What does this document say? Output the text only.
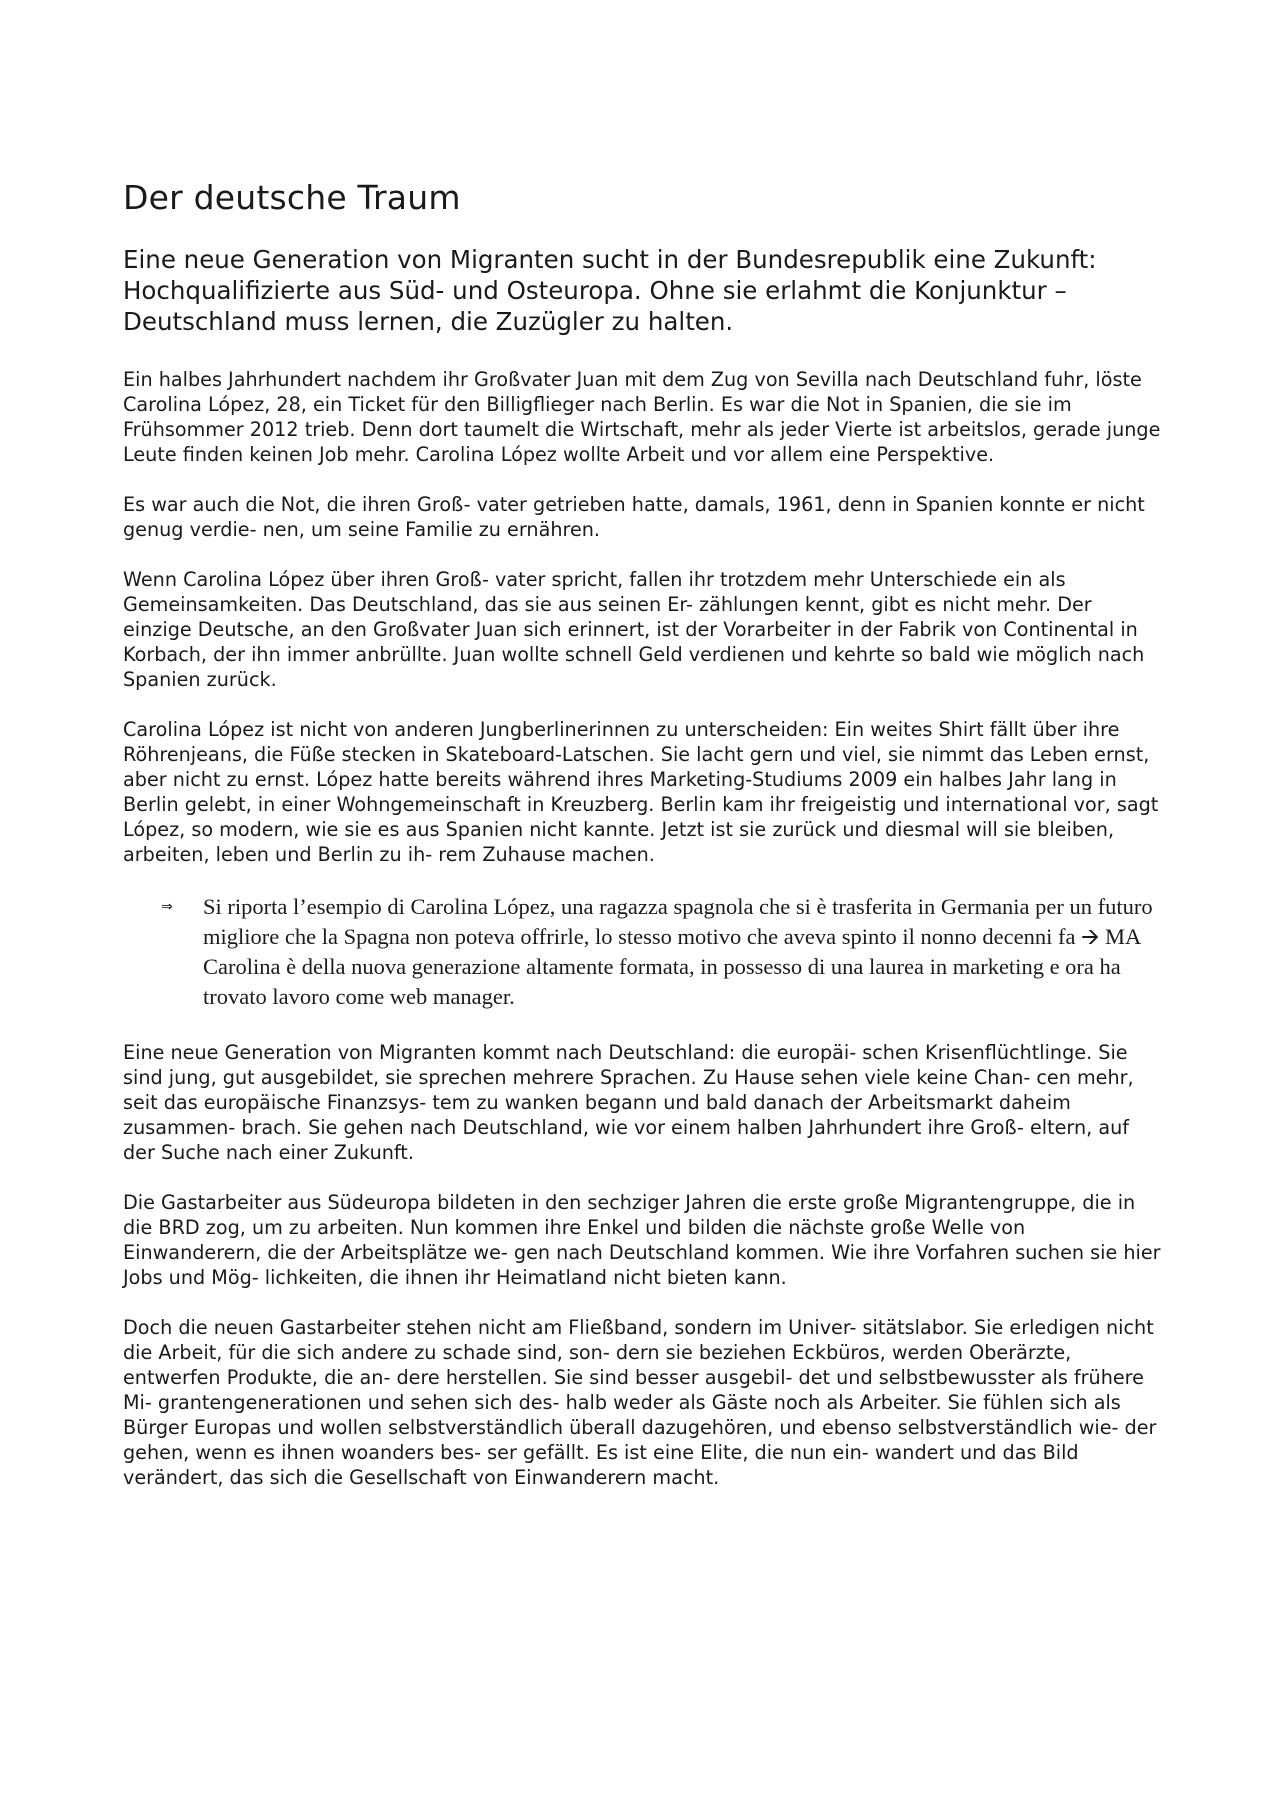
Der deutsche Traum

Eine neue Generation von Migranten sucht in der Bundesrepublik eine Zukunft: Hochqualifizierte aus Süd- und Osteuropa. Ohne sie erlahmt die Konjunktur – Deutschland muss lernen, die Zuzügler zu halten.

Ein halbes Jahrhundert nachdem ihr Großvater Juan mit dem Zug von Sevilla nach Deutschland fuhr, löste Carolina López, 28, ein Ticket für den Billigflieger nach Berlin. Es war die Not in Spanien, die sie im Frühsommer 2012 trieb. Denn dort taumelt die Wirtschaft, mehr als jeder Vierte ist arbeitslos, gerade junge Leute finden keinen Job mehr. Carolina López wollte Arbeit und vor allem eine Perspektive.

Es war auch die Not, die ihren Groß- vater getrieben hatte, damals, 1961, denn in Spanien konnte er nicht genug verdie- nen, um seine Familie zu ernähren.

Wenn Carolina López über ihren Groß- vater spricht, fallen ihr trotzdem mehr Unterschiede ein als Gemeinsamkeiten. Das Deutschland, das sie aus seinen Er- zählungen kennt, gibt es nicht mehr. Der einzige Deutsche, an den Großvater Juan sich erinnert, ist der Vorarbeiter in der Fabrik von Continental in Korbach, der ihn immer anbrüllte. Juan wollte schnell Geld verdienen und kehrte so bald wie möglich nach Spanien zurück.

Carolina López ist nicht von anderen Jungberlinerinnen zu unterscheiden: Ein weites Shirt fällt über ihre Röhrenjeans, die Füße stecken in Skateboard-Latschen. Sie lacht gern und viel, sie nimmt das Leben ernst, aber nicht zu ernst. López hatte bereits während ihres Marketing-Studiums 2009 ein halbes Jahr lang in Berlin gelebt, in einer Wohngemeinschaft in Kreuzberg. Berlin kam ihr freigeistig und international vor, sagt López, so modern, wie sie es aus Spanien nicht kannte. Jetzt ist sie zurück und diesmal will sie bleiben, arbeiten, leben und Berlin zu ih- rem Zuhause machen.

⇒	Si riporta l’esempio di Carolina López, una ragazza spagnola che si è trasferita in Germania per un futuro migliore che la Spagna non poteva offrirle, lo stesso motivo che aveva spinto il nonno decenni fa 🡪 MA Carolina è della nuova generazione altamente formata, in possesso di una laurea in marketing e ora ha trovato lavoro come web manager.

Eine neue Generation von Migranten kommt nach Deutschland: die europäi- schen Krisenflüchtlinge. Sie sind jung, gut ausgebildet, sie sprechen mehrere Sprachen. Zu Hause sehen viele keine Chan- cen mehr, seit das europäische Finanzsys- tem zu wanken begann und bald danach der Arbeitsmarkt daheim zusammen- brach. Sie gehen nach Deutschland, wie vor einem halben Jahrhundert ihre Groß- eltern, auf der Suche nach einer Zukunft.

Die Gastarbeiter aus Südeuropa bildeten in den sechziger Jahren die erste große Migrantengruppe, die in die BRD zog, um zu arbeiten. Nun kommen ihre Enkel und bilden die nächste große Welle von Einwanderern, die der Arbeitsplätze we- gen nach Deutschland kommen. Wie ihre Vorfahren suchen sie hier Jobs und Mög- lichkeiten, die ihnen ihr Heimatland nicht bieten kann.

Doch die neuen Gastarbeiter stehen nicht am Fließband, sondern im Univer- sitätslabor. Sie erledigen nicht die Arbeit, für die sich andere zu schade sind, son- dern sie beziehen Eckbüros, werden Oberärzte, entwerfen Produkte, die an- dere herstellen. Sie sind besser ausgebil- det und selbstbewusster als frühere Mi- grantengenerationen und sehen sich des- halb weder als Gäste noch als Arbeiter. Sie fühlen sich als Bürger Europas und wollen selbstverständlich überall dazugehören, und ebenso selbstverständlich wie- der gehen, wenn es ihnen woanders bes- ser gefällt. Es ist eine Elite, die nun ein- wandert und das Bild verändert, das sich die Gesellschaft von Einwanderern macht.
